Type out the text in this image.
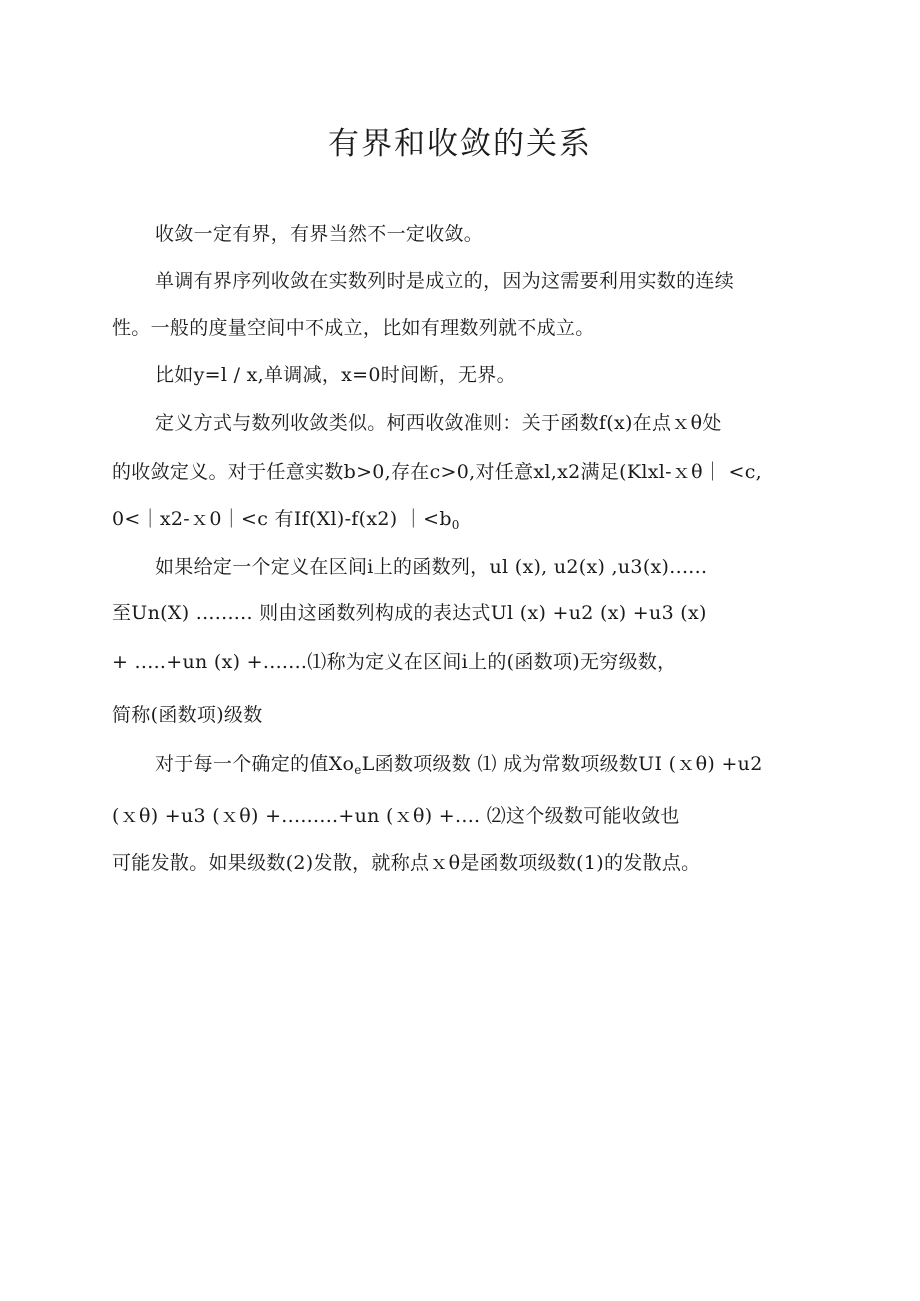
有界和收敛的关系
收敛一定有界，有界当然不一定收敛。
单调有界序列收敛在实数列时是成立的，因为这需要利用实数的连续
性。一般的度量空间中不成立，比如有理数列就不成立。
比如y=l / x,单调减，x=0时间断，无界。
定义方式与数列收敛类似。柯西收敛准则：关于函数f(x)在点ｘθ处
的收敛定义。对于任意实数b>0,存在c>0,对任意xl,x2满足(Klxl-ｘθ｜ <c,
0<｜x2-ｘ0｜<c 有If(Xl)-f(x2) $|<b_0$
如果给定一个定义在区间i上的函数列，ul (x), u2(x) ,u3(x)......
至Un(X) ......... 则由这函数列构成的表达式Ul (x) +u2 (x) +u3 (x)
+ .....+un (x) +.......⑴称为定义在区间i上的(函数项)无穷级数，
简称(函数项)级数
对于每一个确定的值$Xo_eL$函数项级数 ⑴ 成为常数项级数UI (ｘθ) +u2
(ｘθ) +u3 (ｘθ) +.........+un (ｘθ) +.... ⑵这个级数可能收敛也
可能发散。如果级数(2)发散，就称点ｘθ是函数项级数(1)的发散点。
